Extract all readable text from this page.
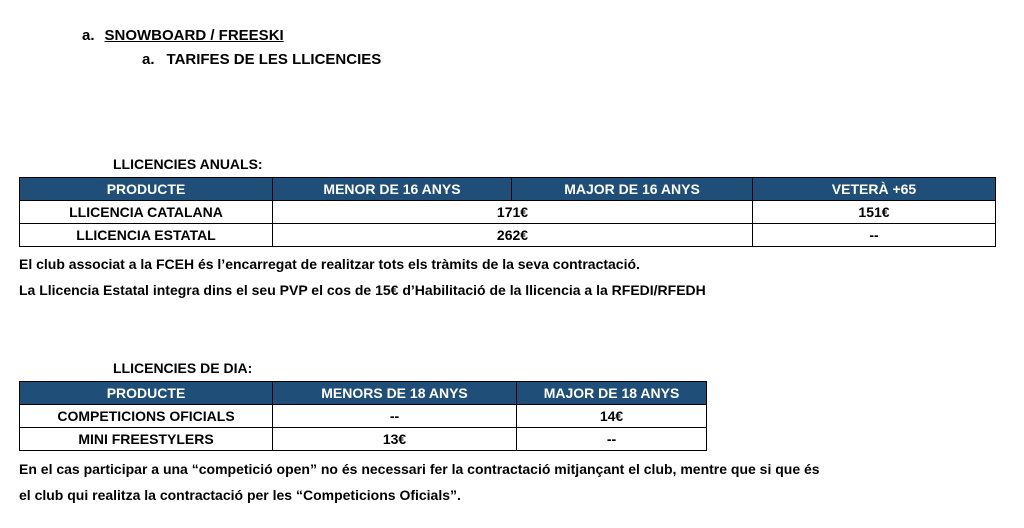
a. SNOWBOARD / FREESKI
a. TARIFES DE LES LLICENCIES
LLICENCIES ANUALS:
PRODUCTE	MENOR DE 16 ANYS	MAJOR DE 16 ANYS	VETERÀ +65
LLICENCIA CATALANA	171€		151€
LLICENCIA ESTATAL	262€		--
El club associat a la FCEH és l’encarregat de realitzar tots els tràmits de la seva contractació.
La Llicencia Estatal integra dins el seu PVP el cos de 15€ d’Habilitació de la llicencia a la RFEDI/RFEDH
LLICENCIES DE DIA:
PRODUCTE	MENORS DE 18 ANYS	MAJOR DE 18 ANYS
COMPETICIONS OFICIALS	--	14€
MINI FREESTYLERS	13€	--
En el cas participar a una “competició open” no és necessari fer la contractació mitjançant el club, mentre que si que és
el club qui realitza la contractació per les “Competicions Oficials”.
